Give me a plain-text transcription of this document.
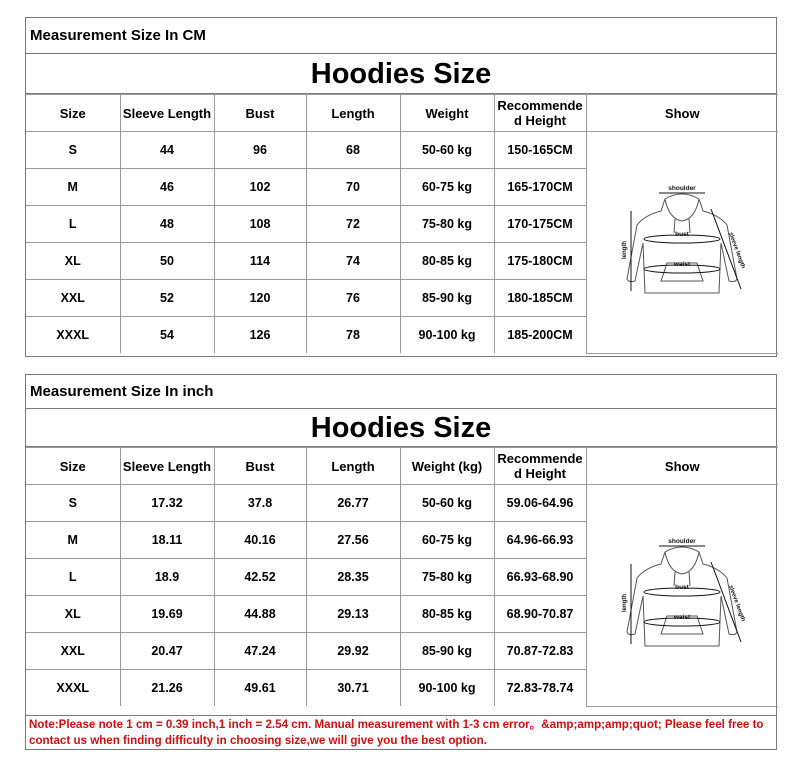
Measurement Size In CM
Hoodies Size
Size	Sleeve Length	Bust	Length	Weight	Recommende d Height	Show
S	44	96	68	50-60 kg	150-165CM	shoulder
bust
waist
length sleeve length

M	46	102	70	60-75 kg	165-170CM	
L	48	108	72	75-80 kg	170-175CM	
XL	50	114	74	80-85 kg	175-180CM	
XXL	52	120	76	85-90 kg	180-185CM	
XXXL	54	126	78	90-100 kg	185-200CM	
Measurement Size In inch
Hoodies Size
Size	Sleeve Length	Bust	Length	Weight (kg)	Recommende d Height	Show
S	17.32	37.8	26.77	50-60 kg	59.06-64.96	shoulder
bust
waist
length sleeve length

M	18.11	40.16	27.56	60-75 kg	64.96-66.93	
L	18.9	42.52	28.35	75-80 kg	66.93-68.90	
XL	19.69	44.88	29.13	80-85 kg	68.90-70.87	
XXL	20.47	47.24	29.92	85-90 kg	70.87-72.83	
XXXL	21.26	49.61	30.71	90-100 kg	72.83-78.74	
Note:Please note 1 cm = 0.39 inch,1 inch = 2.54 cm. Manual measurement with 1-3 cm error。&amp;amp;amp;quot; Please feel free to contact us when finding difficulty in choosing size,we will give you the best option.
